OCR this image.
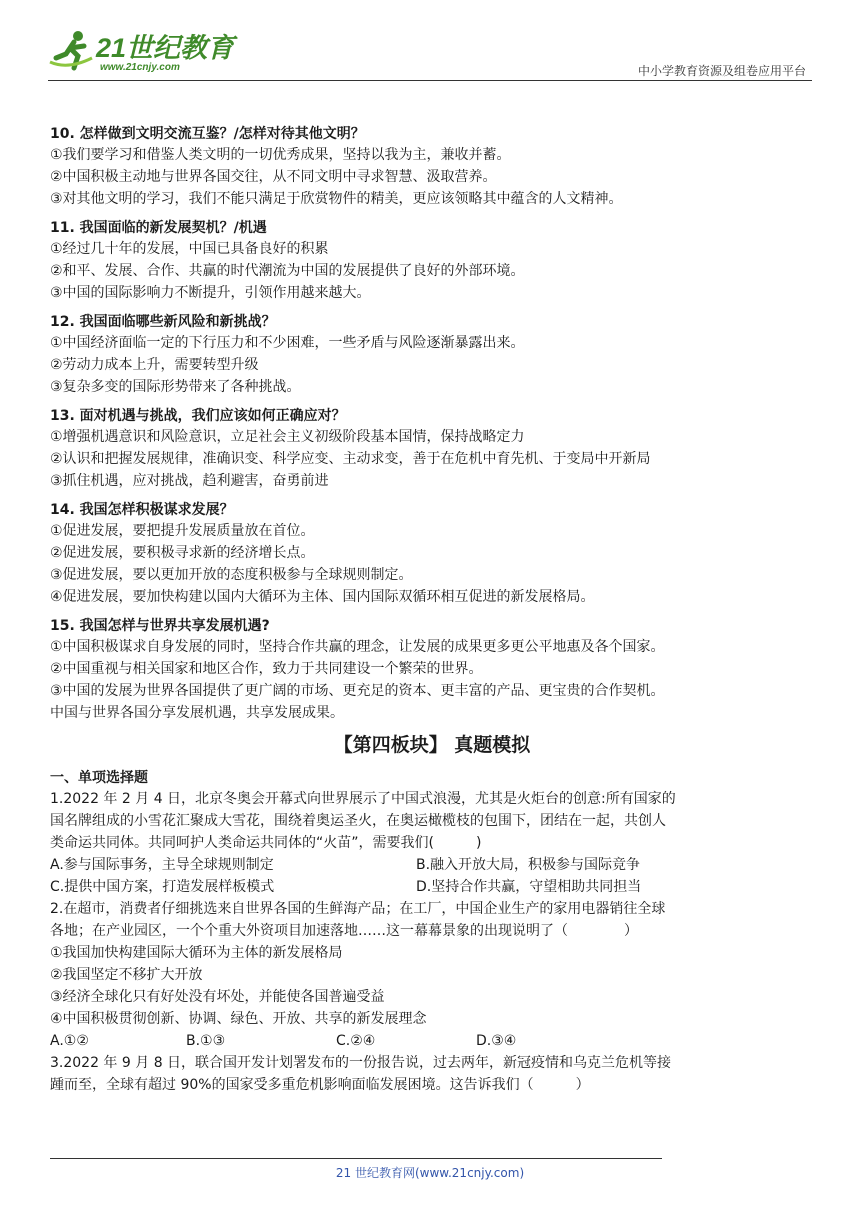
21世纪教育
www.21cnjy.com	中小学教育资源及组卷应用平台

10. 怎样做到文明交流互鉴？/怎样对待其他文明？

①我们要学习和借鉴人类文明的一切优秀成果，坚持以我为主，兼收并蓄。

②中国积极主动地与世界各国交往，从不同文明中寻求智慧、汲取营养。

③对其他文明的学习，我们不能只满足于欣赏物件的精美，更应该领略其中蕴含的人文精神。

11. 我国面临的新发展契机？/机遇

①经过几十年的发展，中国已具备良好的积累

②和平、发展、合作、共赢的时代潮流为中国的发展提供了良好的外部环境。

③中国的国际影响力不断提升，引领作用越来越大。

12. 我国面临哪些新风险和新挑战？

①中国经济面临一定的下行压力和不少困难，一些矛盾与风险逐渐暴露出来。

②劳动力成本上升，需要转型升级

③复杂多变的国际形势带来了各种挑战。

13. 面对机遇与挑战，我们应该如何正确应对？

①增强机遇意识和风险意识，立足社会主义初级阶段基本国情，保持战略定力

②认识和把握发展规律，准确识变、科学应变、主动求变，善于在危机中育先机、于变局中开新局

③抓住机遇，应对挑战，趋利避害，奋勇前进

14. 我国怎样积极谋求发展？

①促进发展，要把提升发展质量放在首位。

②促进发展，要积极寻求新的经济增长点。

③促进发展，要以更加开放的态度积极参与全球规则制定。

④促进发展，要加快构建以国内大循环为主体、国内国际双循环相互促进的新发展格局。

15. 我国怎样与世界共享发展机遇?

①中国积极谋求自身发展的同时，坚持合作共赢的理念，让发展的成果更多更公平地惠及各个国家。

②中国重视与相关国家和地区合作，致力于共同建设一个繁荣的世界。

③中国的发展为世界各国提供了更广阔的市场、更充足的资本、更丰富的产品、更宝贵的合作契机。

中国与世界各国分享发展机遇，共享发展成果。

【第四板块】 真题模拟

一、单项选择题

1.2022 年 2 月 4 日，北京冬奥会开幕式向世界展示了中国式浪漫，尤其是火炬台的创意:所有国家的

国名牌组成的小雪花汇聚成大雪花，围绕着奥运圣火，在奥运橄榄枝的包围下，团结在一起，共创人

类命运共同体。共同呵护人类命运共同体的“火苗”，需要我们(　　　)

A.参与国际事务，主导全球规则制定	B.融入开放大局，积极参与国际竞争
C.提供中国方案，打造发展样板模式	D.坚持合作共赢，守望相助共同担当

2.在超市，消费者仔细挑选来自世界各国的生鲜海产品；在工厂，中国企业生产的家用电器销往全球

各地；在产业园区，一个个重大外资项目加速落地……这一幕幕景象的出现说明了（　　　　）

①我国加快构建国际大循环为主体的新发展格局

②我国坚定不移扩大开放

③经济全球化只有好处没有坏处，并能使各国普遍受益

④中国积极贯彻创新、协调、绿色、开放、共享的新发展理念

A.①②	B.①③	C.②④	D.③④

3.2022 年 9 月 8 日，联合国开发计划署发布的一份报告说，过去两年，新冠疫情和乌克兰危机等接

踵而至，全球有超过 90%的国家受多重危机影响面临发展困境。这告诉我们（　　　）

21 世纪教育网(www.21cnjy.com)
